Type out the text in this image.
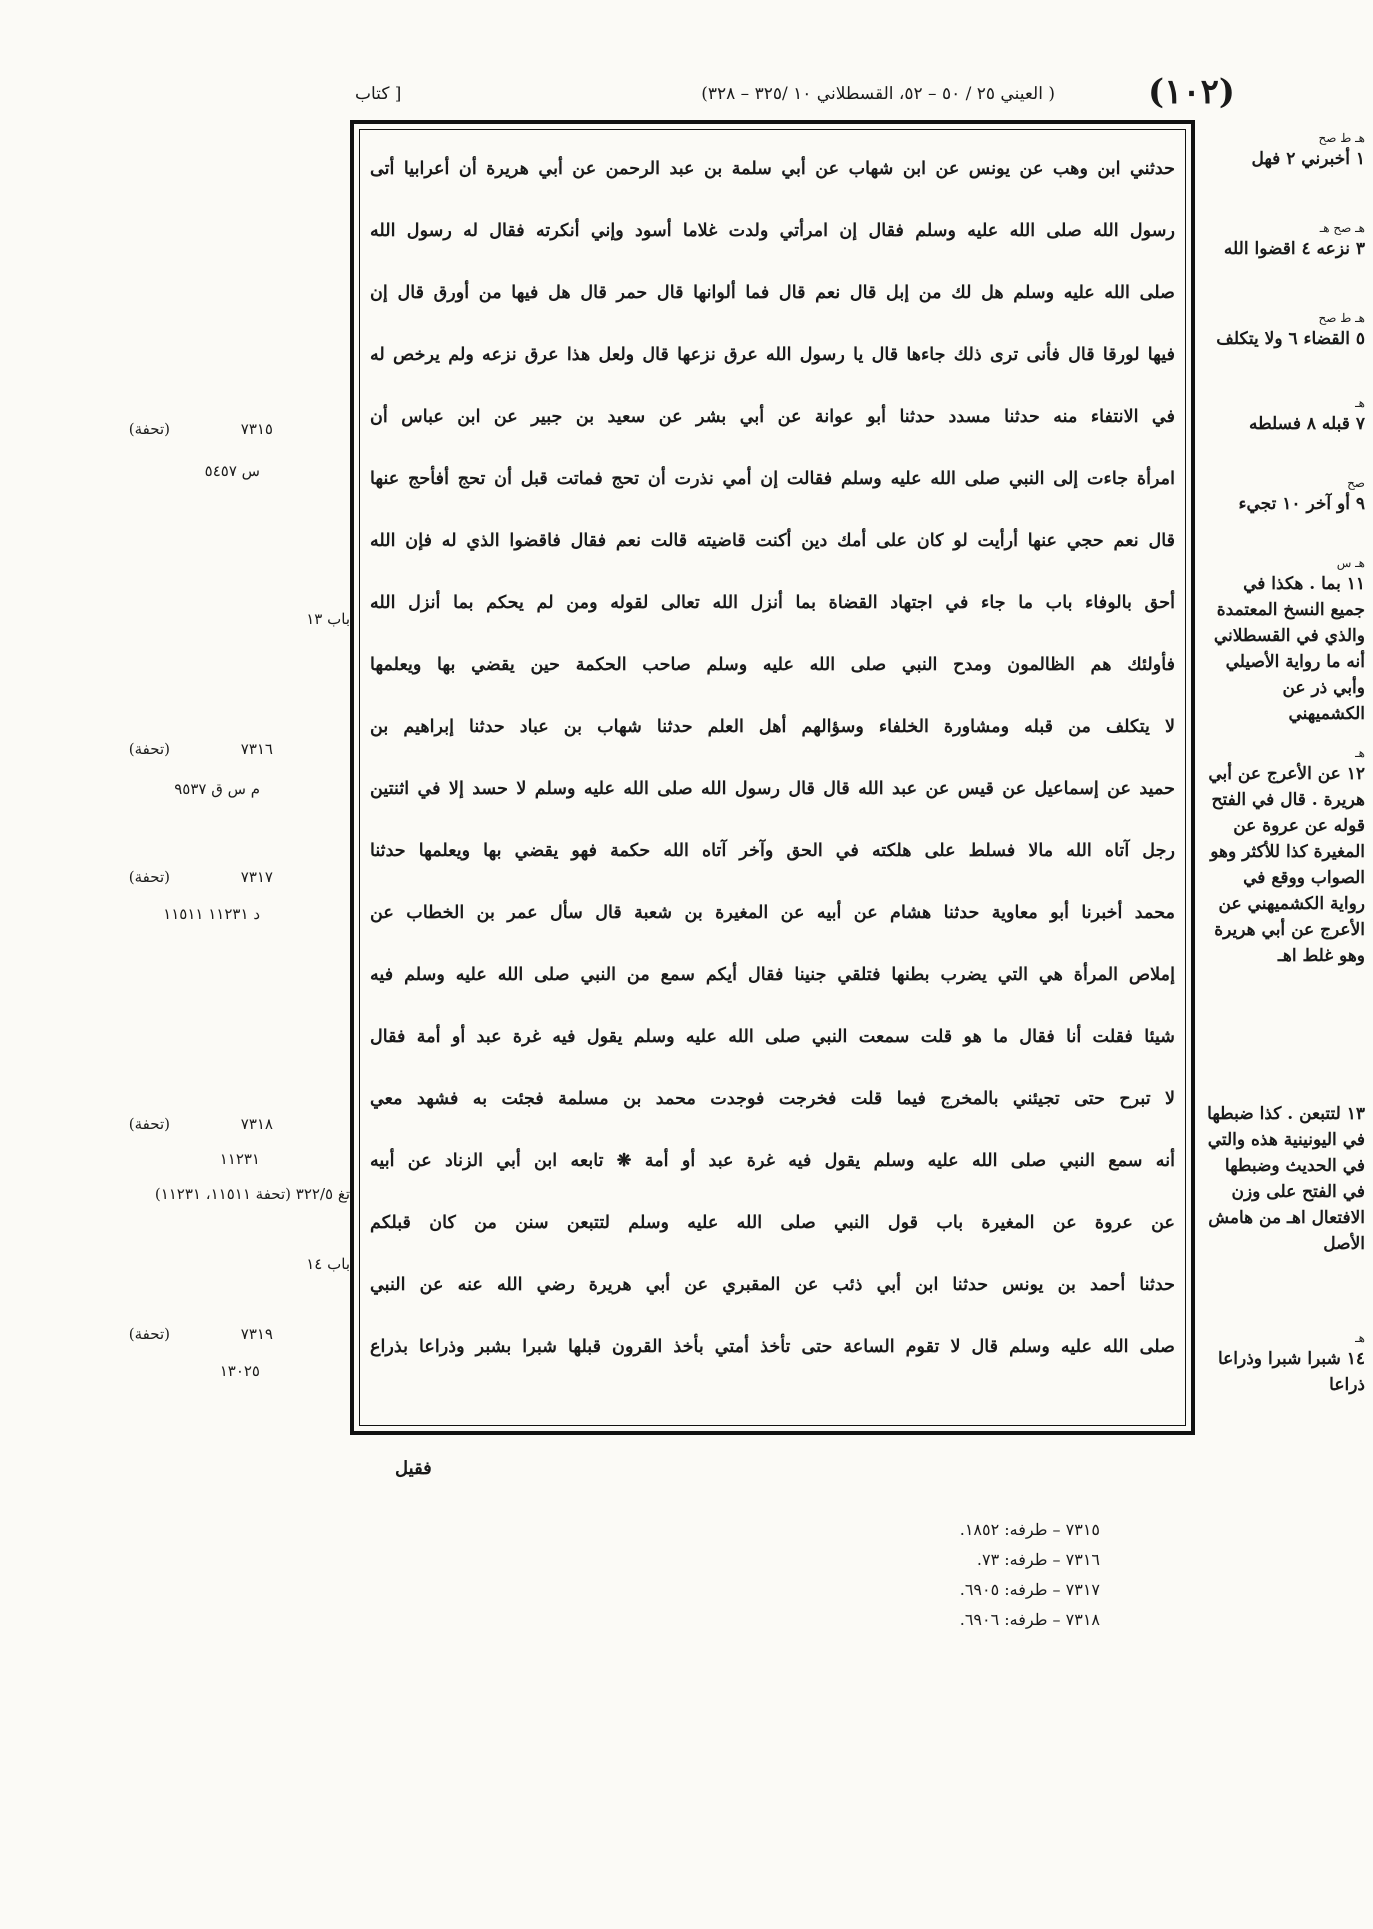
(١٠٢)
( العيني ٢٥ / ٥٠ – ٥٢، القسطلاني ١٠ /٣٢٥ – ٣٢٨)
[ كتاب
حدثني ابن وهب عن يونس عن ابن شهاب عن أبي سلمة بن عبد الرحمن عن أبي هريرة أن أعرابيا أتى
رسول الله صلى الله عليه وسلم فقال إن امرأتي ولدت غلاما أسود وإني أنكرته فقال له رسول الله
صلى الله عليه وسلم هل لك من إبل قال نعم قال فما ألوانها قال حمر قال هل فيها من أورق قال إن
فيها لورقا قال فأنى ترى ذلك جاءها قال يا رسول الله عرق نزعها قال ولعل هذا عرق نزعه ولم يرخص له
في الانتفاء منه حدثنا مسدد حدثنا أبو عوانة عن أبي بشر عن سعيد بن جبير عن ابن عباس أن
امرأة جاءت إلى النبي صلى الله عليه وسلم فقالت إن أمي نذرت أن تحج فماتت قبل أن تحج أفأحج عنها
قال نعم حجي عنها أرأيت لو كان على أمك دين أكنت قاضيته قالت نعم فقال فاقضوا الذي له فإن الله
أحق بالوفاء باب ما جاء في اجتهاد القضاة بما أنزل الله تعالى لقوله ومن لم يحكم بما أنزل الله
فأولئك هم الظالمون ومدح النبي صلى الله عليه وسلم صاحب الحكمة حين يقضي بها ويعلمها
لا يتكلف من قبله ومشاورة الخلفاء وسؤالهم أهل العلم حدثنا شهاب بن عباد حدثنا إبراهيم بن
حميد عن إسماعيل عن قيس عن عبد الله قال قال رسول الله صلى الله عليه وسلم لا حسد إلا في اثنتين
رجل آتاه الله مالا فسلط على هلكته في الحق وآخر آتاه الله حكمة فهو يقضي بها ويعلمها حدثنا
محمد أخبرنا أبو معاوية حدثنا هشام عن أبيه عن المغيرة بن شعبة قال سأل عمر بن الخطاب عن
إملاص المرأة هي التي يضرب بطنها فتلقي جنينا فقال أيكم سمع من النبي صلى الله عليه وسلم فيه
شيئا فقلت أنا فقال ما هو قلت سمعت النبي صلى الله عليه وسلم يقول فيه غرة عبد أو أمة فقال
لا تبرح حتى تجيئني بالمخرج فيما قلت فخرجت فوجدت محمد بن مسلمة فجئت به فشهد معي
أنه سمع النبي صلى الله عليه وسلم يقول فيه غرة عبد أو أمة ❋ تابعه ابن أبي الزناد عن أبيه
عن عروة عن المغيرة باب قول النبي صلى الله عليه وسلم لتتبعن سنن من كان قبلكم
حدثنا أحمد بن يونس حدثنا ابن أبي ذئب عن المقبري عن أبي هريرة رضي الله عنه عن النبي
صلى الله عليه وسلم قال لا تقوم الساعة حتى تأخذ أمتي بأخذ القرون قبلها شبرا بشبر وذراعا بذراع
هـ ط صح
١ أخبرني ٢ فهل
هـ صح هـ
٣ نزعه ٤ اقضوا الله
هـ ط صح
٥ القضاء ٦ ولا يتكلف
هـ
٧ قبله ٨ فسلطه
صح
٩ أو آخر ١٠ تجيء
هـ س
١١ بما . هكذا في جميع النسخ المعتمدة والذي في القسطلاني أنه ما رواية الأصيلي وأبي ذر عن الكشميهني
هـ
١٢ عن الأعرج عن أبي هريرة . قال في الفتح قوله عن عروة عن المغيرة كذا للأكثر وهو الصواب ووقع في رواية الكشميهني عن الأعرج عن أبي هريرة وهو غلط اهـ
١٣ لتتبعن . كذا ضبطها في اليونينية هذه والتي في الحديث وضبطها في الفتح على وزن الافتعال اهـ من هامش الأصل
هـ
١٤ شبرا شبرا وذراعا ذراعا
٧٣١٥
(تحفة)
س ٥٤٥٧
باب ١٣
٧٣١٦
(تحفة)
م س ق ٩٥٣٧
٧٣١٧
(تحفة)
د ١١٢٣١ ١١٥١١
٧٣١٨
(تحفة)
١١٢٣١
تغ ٣٢٢/٥ (تحفة ١١٥١١، ١١٢٣١)
باب ١٤
٧٣١٩
(تحفة)
١٣٠٢٥
فقيل
٧٣١٥ – طرفه: ١٨٥٢.
٧٣١٦ – طرفه: ٧٣.
٧٣١٧ – طرفه: ٦٩٠٥.
٧٣١٨ – طرفه: ٦٩٠٦.
